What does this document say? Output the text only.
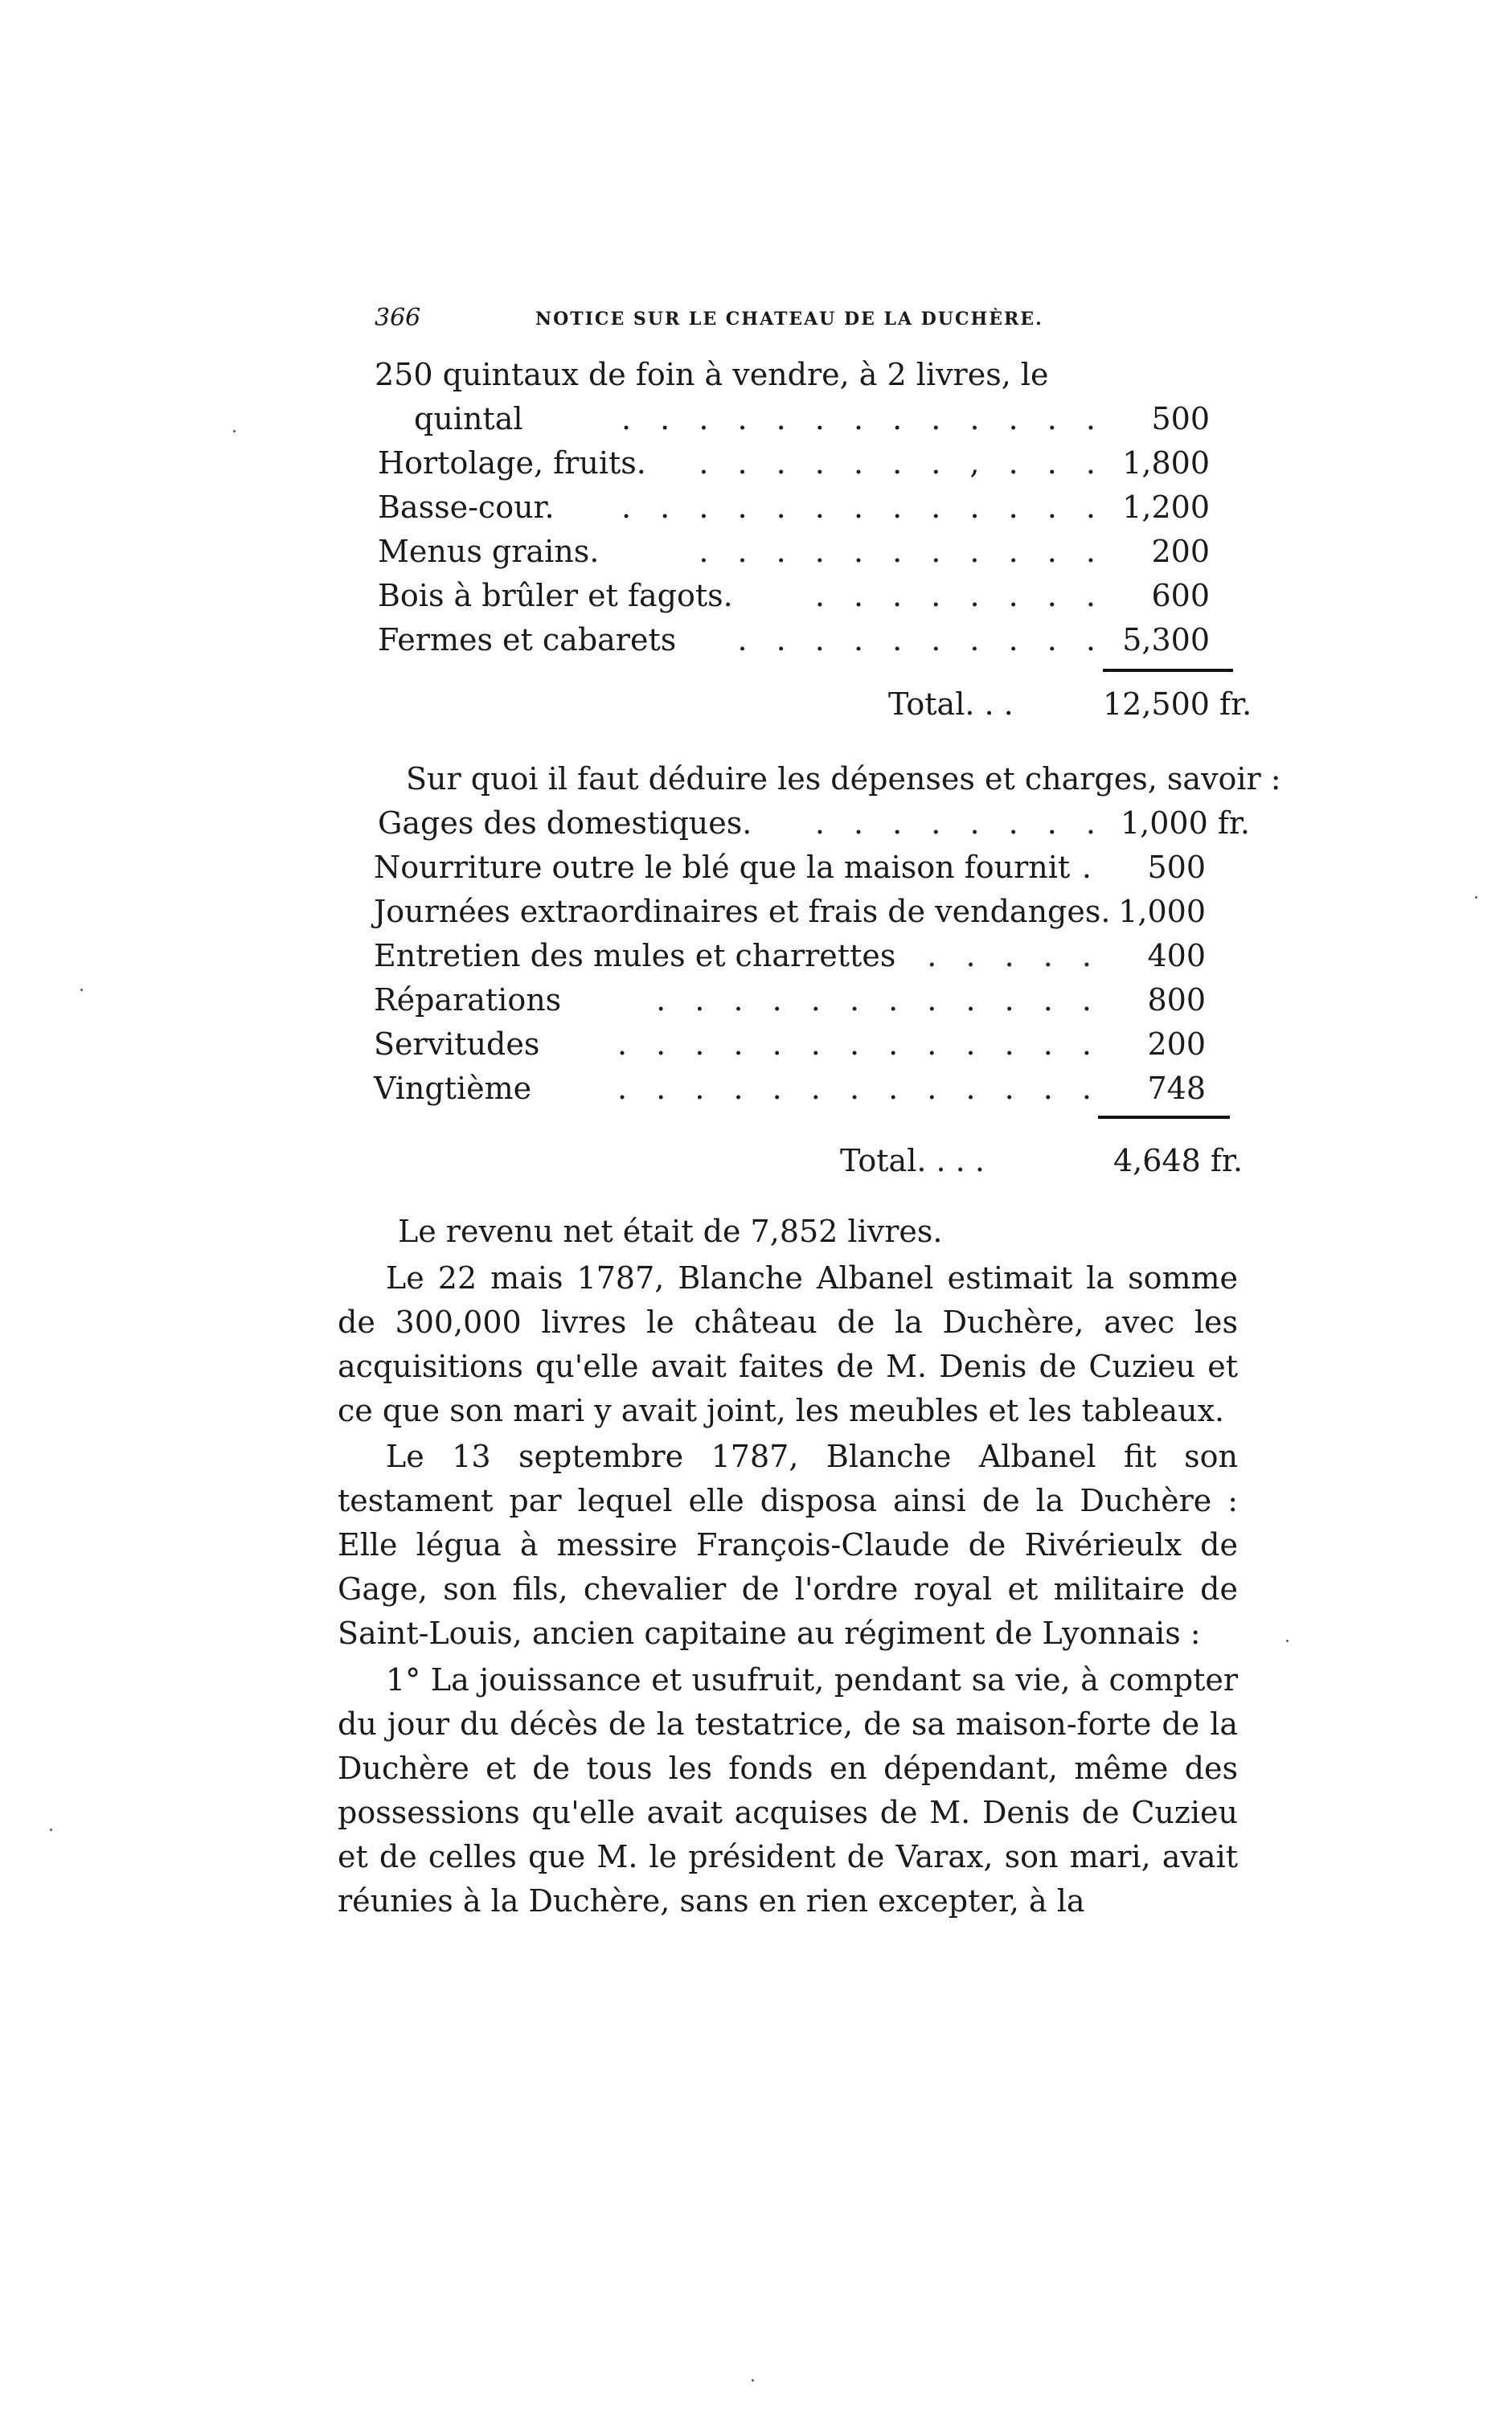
366	NOTICE SUR LE CHATEAU DE LA DUCHÈRE.
250 quintaux de foin à vendre, à 2 livres, le
quintal	. . . . . . . . . . . . . 500
Hortolage, fruits. . . . . . . . , . . . 1,800
Basse-cour. . . . . . . . . . . . . . 1,200
Menus grains.	. . . . . . . . . . . 200
Bois à brûler et fagots.	. . . . . . . . 600
Fermes et cabarets . . . . . . . . . . 5,300
Total. . .	12,500 fr.
Sur quoi il faut déduire les dépenses et charges, savoir :
Gages des domestiques. . . . . . . . . 1,000 fr.
Nourriture outre le blé que la maison fournit . 500
Journées extraordinaires et frais de vendanges. 1,000
Entretien des mules et charrettes . . . . . 400
Réparations	. . . . . . . . . . . . 800
Servitudes	. . . . . . . . . . . . . 200
Vingtième	. . . . . . . . . . . . . 748
Total. . . .	4,648 fr.
Le revenu net était de 7,852 livres.
Le 22 mais 1787, Blanche Albanel estimait la somme de 300,000 livres le château de la Duchère, avec les acquisitions qu'elle avait faites de M. Denis de Cuzieu et ce que son mari y avait joint, les meubles et les tableaux.
Le 13 septembre 1787, Blanche Albanel fit son testament par lequel elle disposa ainsi de la Duchère : Elle légua à messire François-Claude de Rivérieulx de Gage, son fils, chevalier de l'ordre royal et militaire de Saint-Louis, ancien capitaine au régiment de Lyonnais :
1° La jouissance et usufruit, pendant sa vie, à compter du jour du décès de la testatrice, de sa maison-forte de la Duchère et de tous les fonds en dépendant, même des possessions qu'elle avait acquises de M. Denis de Cuzieu et de celles que M. le président de Varax, son mari, avait réunies à la Duchère, sans en rien excepter, à la
